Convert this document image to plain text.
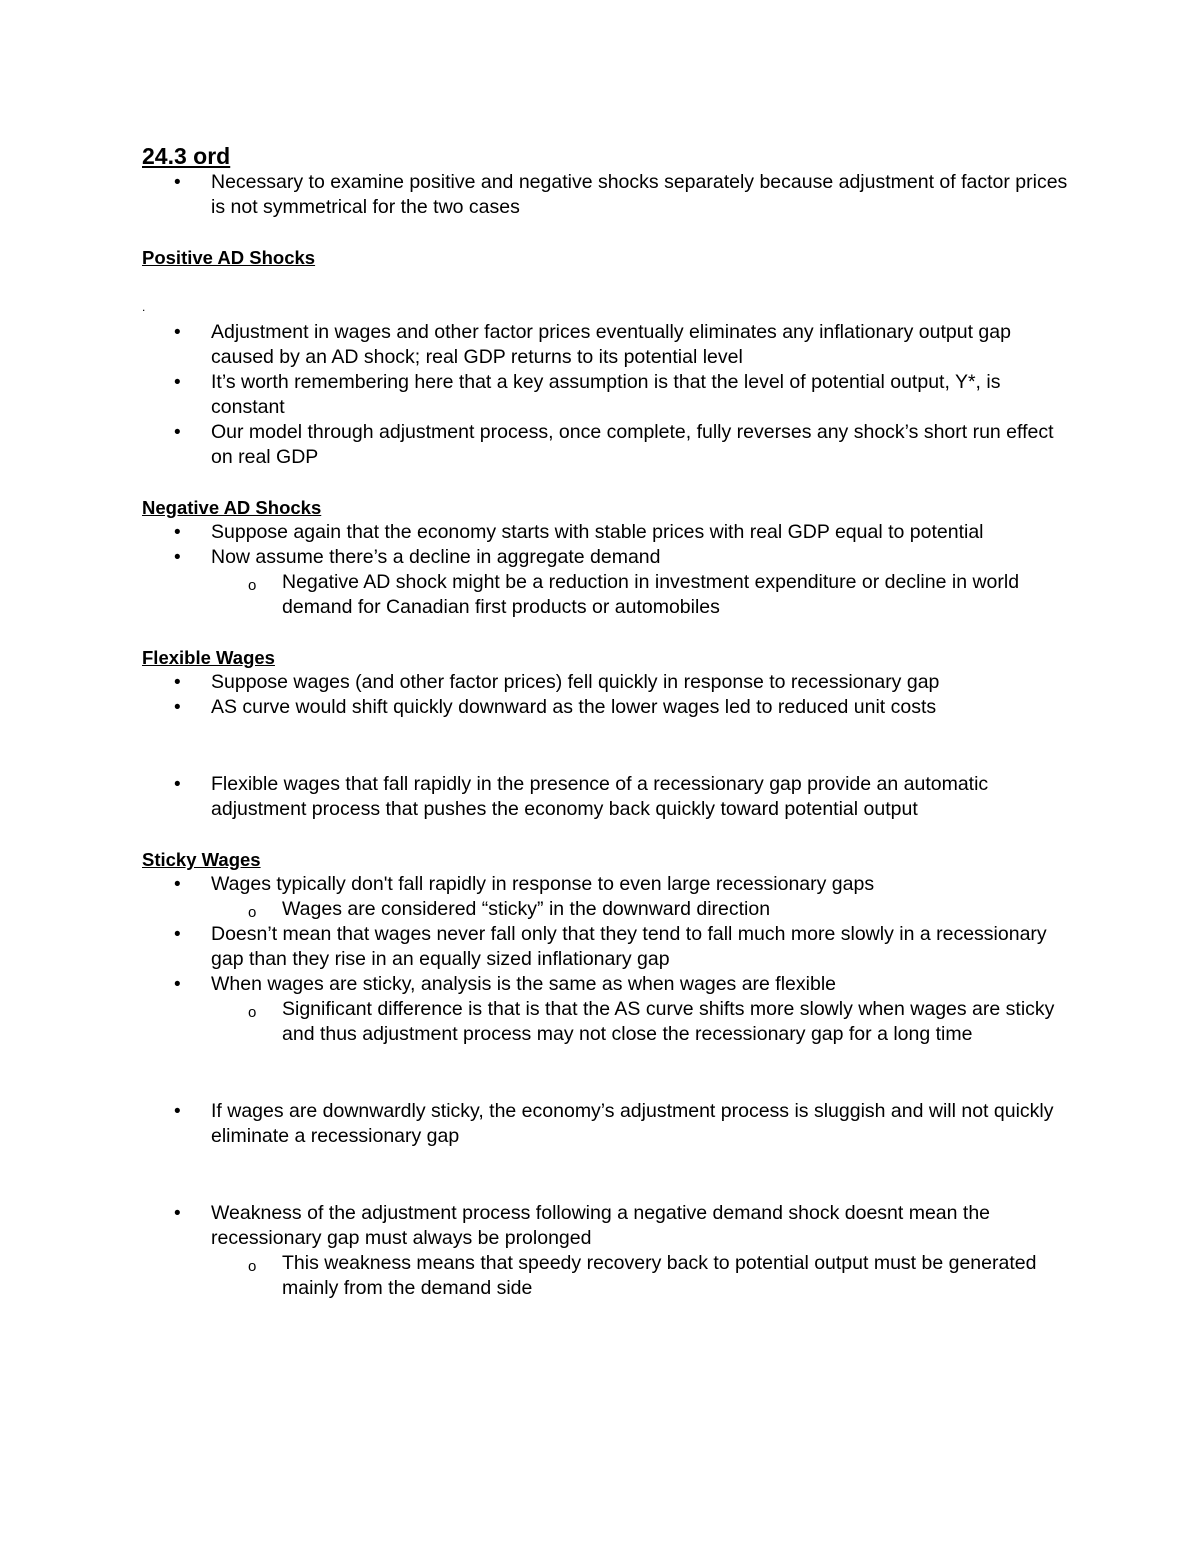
24.3 ord

• Necessary to examine positive and negative shocks separately because adjustment of factor prices is not symmetrical for the two cases

Positive AD Shocks

.

• Adjustment in wages and other factor prices eventually eliminates any inflationary output gap caused by an AD shock; real GDP returns to its potential level
• It’s worth remembering here that a key assumption is that the level of potential output, Y*, is constant
• Our model through adjustment process, once complete, fully reverses any shock’s short run effect on real GDP

Negative AD Shocks

• Suppose again that the economy starts with stable prices with real GDP equal to potential
• Now assume there’s a decline in aggregate demand
o Negative AD shock might be a reduction in investment expenditure or decline in world demand for Canadian first products or automobiles

Flexible Wages

• Suppose wages (and other factor prices) fell quickly in response to recessionary gap
• AS curve would shift quickly downward as the lower wages led to reduced unit costs
• Flexible wages that fall rapidly in the presence of a recessionary gap provide an automatic adjustment process that pushes the economy back quickly toward potential output

Sticky Wages

• Wages typically don't fall rapidly in response to even large recessionary gaps
o Wages are considered “sticky” in the downward direction
• Doesn’t mean that wages never fall only that they tend to fall much more slowly in a recessionary gap than they rise in an equally sized inflationary gap
• When wages are sticky, analysis is the same as when wages are flexible
o Significant difference is that is that the AS curve shifts more slowly when wages are sticky and thus adjustment process may not close the recessionary gap for a long time
• If wages are downwardly sticky, the economy’s adjustment process is sluggish and will not quickly eliminate a recessionary gap
• Weakness of the adjustment process following a negative demand shock doesnt mean the recessionary gap must always be prolonged
o This weakness means that speedy recovery back to potential output must be generated mainly from the demand side
